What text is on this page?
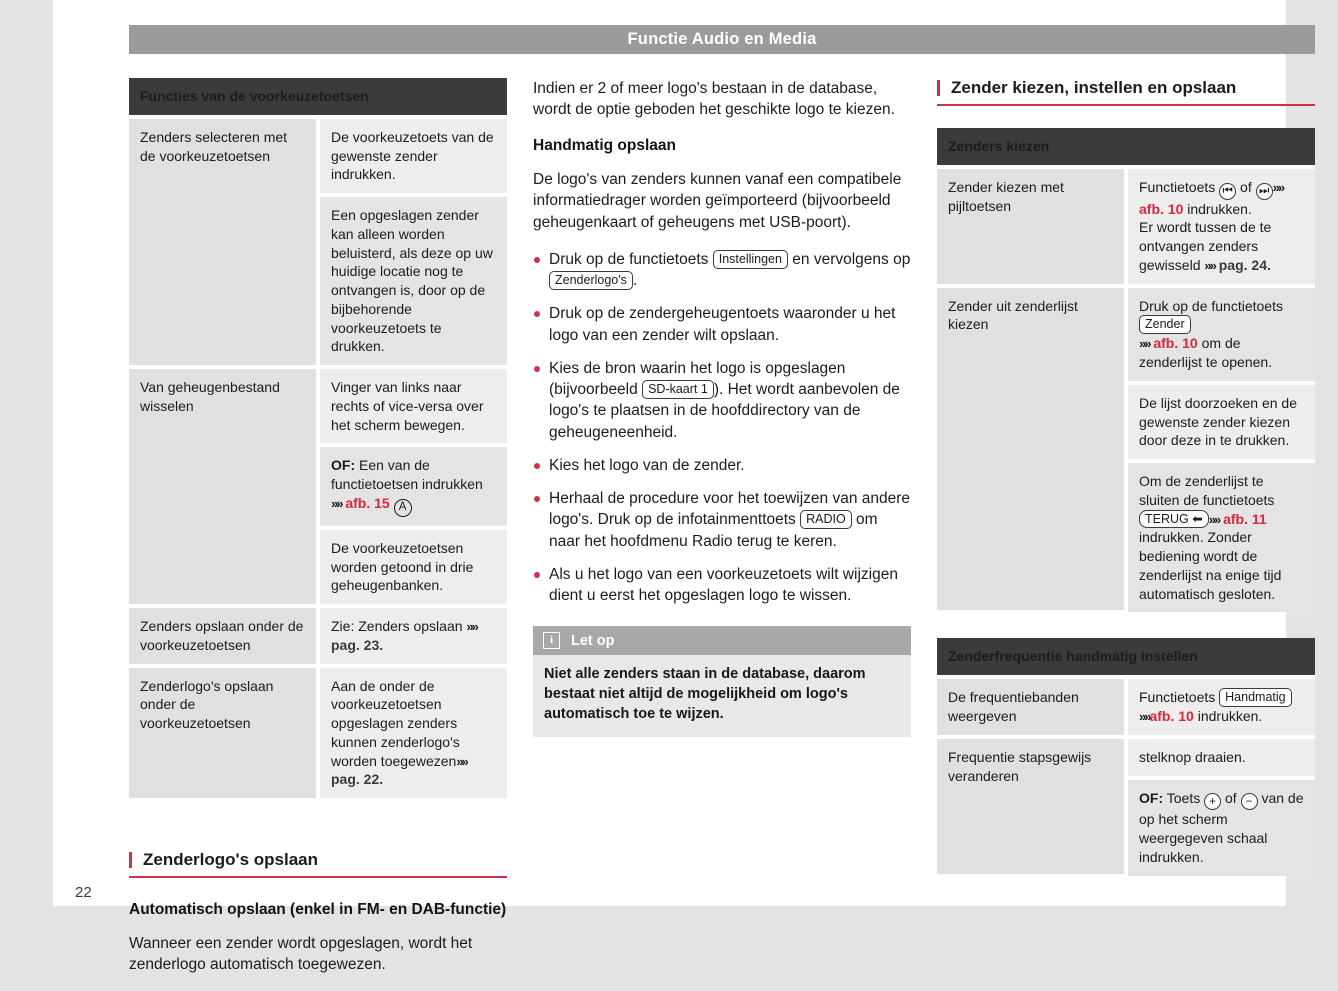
Functie Audio en Media
Functies van de voorkeuzetoetsen	
Zenders selecteren met de voorkeuzetoetsen	De voorkeuzetoets van de gewenste zender indrukken.
	Een opgeslagen zender kan alleen worden beluisterd, als deze op uw huidige locatie nog te ontvangen is, door op de bijbehorende voorkeuzetoets te drukken.
Van geheugenbestand wisselen	Vinger van links naar rechts of vice-versa over het scherm bewegen.
	OF: Een van de functietoetsen indrukken »» afb. 15 A
	De voorkeuzetoetsen worden getoond in drie geheugenbanken.
Zenders opslaan onder de voorkeuzetoetsen	Zie: Zenders opslaan »» pag. 23.
Zenderlogo's opslaan onder de voorkeuzetoetsen	Aan de onder de voorkeuzetoetsen opgeslagen zenders kunnen zenderlogo's worden toegewezen»» pag. 22.
Zenderlogo's opslaan
Automatisch opslaan (enkel in FM- en DAB-functie)

Wanneer een zender wordt opgeslagen, wordt het zenderlogo automatisch toegewezen.

Indien er 2 of meer logo's bestaan in de database, wordt de optie geboden het geschikte logo te kiezen.

Handmatig opslaan

De logo's van zenders kunnen vanaf een compatibele informatiedrager worden geïmporteerd (bijvoorbeeld geheugenkaart of geheugens met USB-poort).

Druk op de functietoets Instellingen en vervolgens op Zenderlogo's .
Druk op de zendergeheugentoets waaronder u het logo van een zender wilt opslaan.
Kies de bron waarin het logo is opgeslagen (bijvoorbeeld SD-kaart 1 ). Het wordt aanbevolen de logo's te plaatsen in de hoofddirectory van de geheugeneenheid.
Kies het logo van de zender.
Herhaal de procedure voor het toewijzen van andere logo's. Druk op de infotainmenttoets RADIO om naar het hoofdmenu Radio terug te keren.
Als u het logo van een voorkeuzetoets wilt wijzigen dient u eerst het opgeslagen logo te wissen.
i	Let op
Niet alle zenders staan in de database, daarom bestaat niet altijd de mogelijkheid om logo's automatisch toe te wijzen.
Zender kiezen, instellen en opslaan
Zenders kiezen	
Zender kiezen met pijltoetsen	Functietoets ⏮ of ⏭ »» afb. 10 indrukken.
Er wordt tussen de te ontvangen zenders gewisseld »» pag. 24.
Zender uit zenderlijst kiezen	Druk op de functietoets Zender
»» afb. 10 om de zenderlijst te openen.
	De lijst doorzoeken en de gewenste zender kiezen door deze in te drukken.
	Om de zenderlijst te sluiten de functietoets TERUG ⬅ »» afb. 11 indrukken. Zonder bediening wordt de zenderlijst na enige tijd automatisch gesloten.
Zenderfrequentie handmatig instellen	
De frequentiebanden weergeven	Functietoets Handmatig»»afb. 10 indrukken.
Frequentie stapsgewijs veranderen	stelknop draaien.
	OF: Toets + of − van de op het scherm weergegeven schaal indrukken.
22
